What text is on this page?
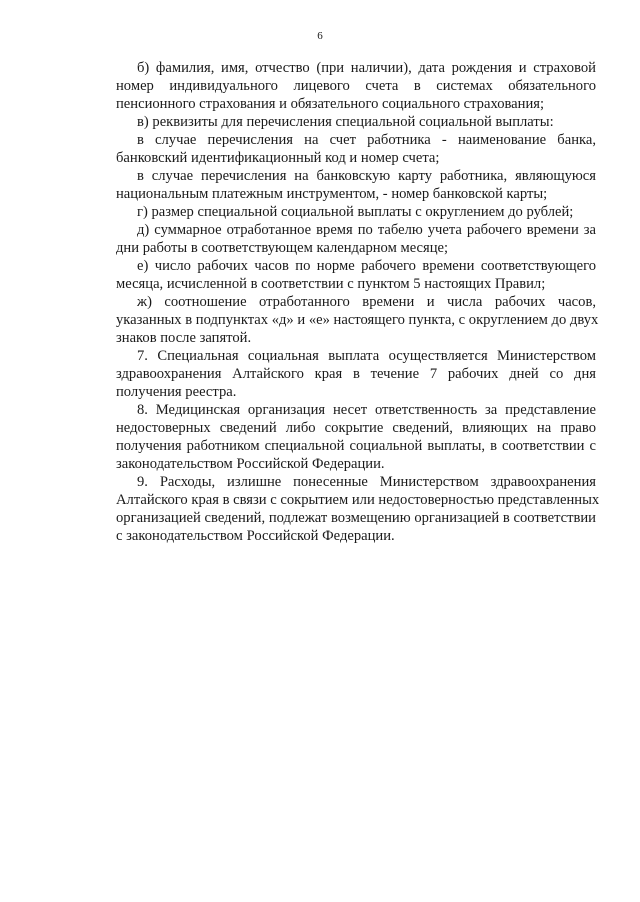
6

б) фамилия, имя, отчество (при наличии), дата рождения и страховой
номер индивидуального лицевого счета в системах обязательного
пенсионного страхования и обязательного социального страхования;

в) реквизиты для перечисления специальной социальной выплаты:

в случае перечисления на счет работника - наименование банка,
банковский идентификационный код и номер счета;

в случае перечисления на банковскую карту работника, являющуюся
национальным платежным инструментом, - номер банковской карты;

г) размер специальной социальной выплаты с округлением до рублей;

д) суммарное отработанное время по табелю учета рабочего времени за
дни работы в соответствующем календарном месяце;

е) число рабочих часов по норме рабочего времени соответствующего
месяца, исчисленной в соответствии с пунктом 5 настоящих Правил;

ж) соотношение отработанного времени и числа рабочих часов,
указанных в подпунктах «д» и «е» настоящего пункта, с округлением до двух
знаков после запятой.

7. Специальная социальная выплата осуществляется Министерством
здравоохранения Алтайского края в течение 7 рабочих дней со дня
получения реестра.

8. Медицинская организация несет ответственность за представление
недостоверных сведений либо сокрытие сведений, влияющих на право
получения работником специальной социальной выплаты, в соответствии с
законодательством Российской Федерации.

9. Расходы, излишне понесенные Министерством здравоохранения
Алтайского края в связи с сокрытием или недостоверностью представленных
организацией сведений, подлежат возмещению организацией в соответствии
с законодательством Российской Федерации.
